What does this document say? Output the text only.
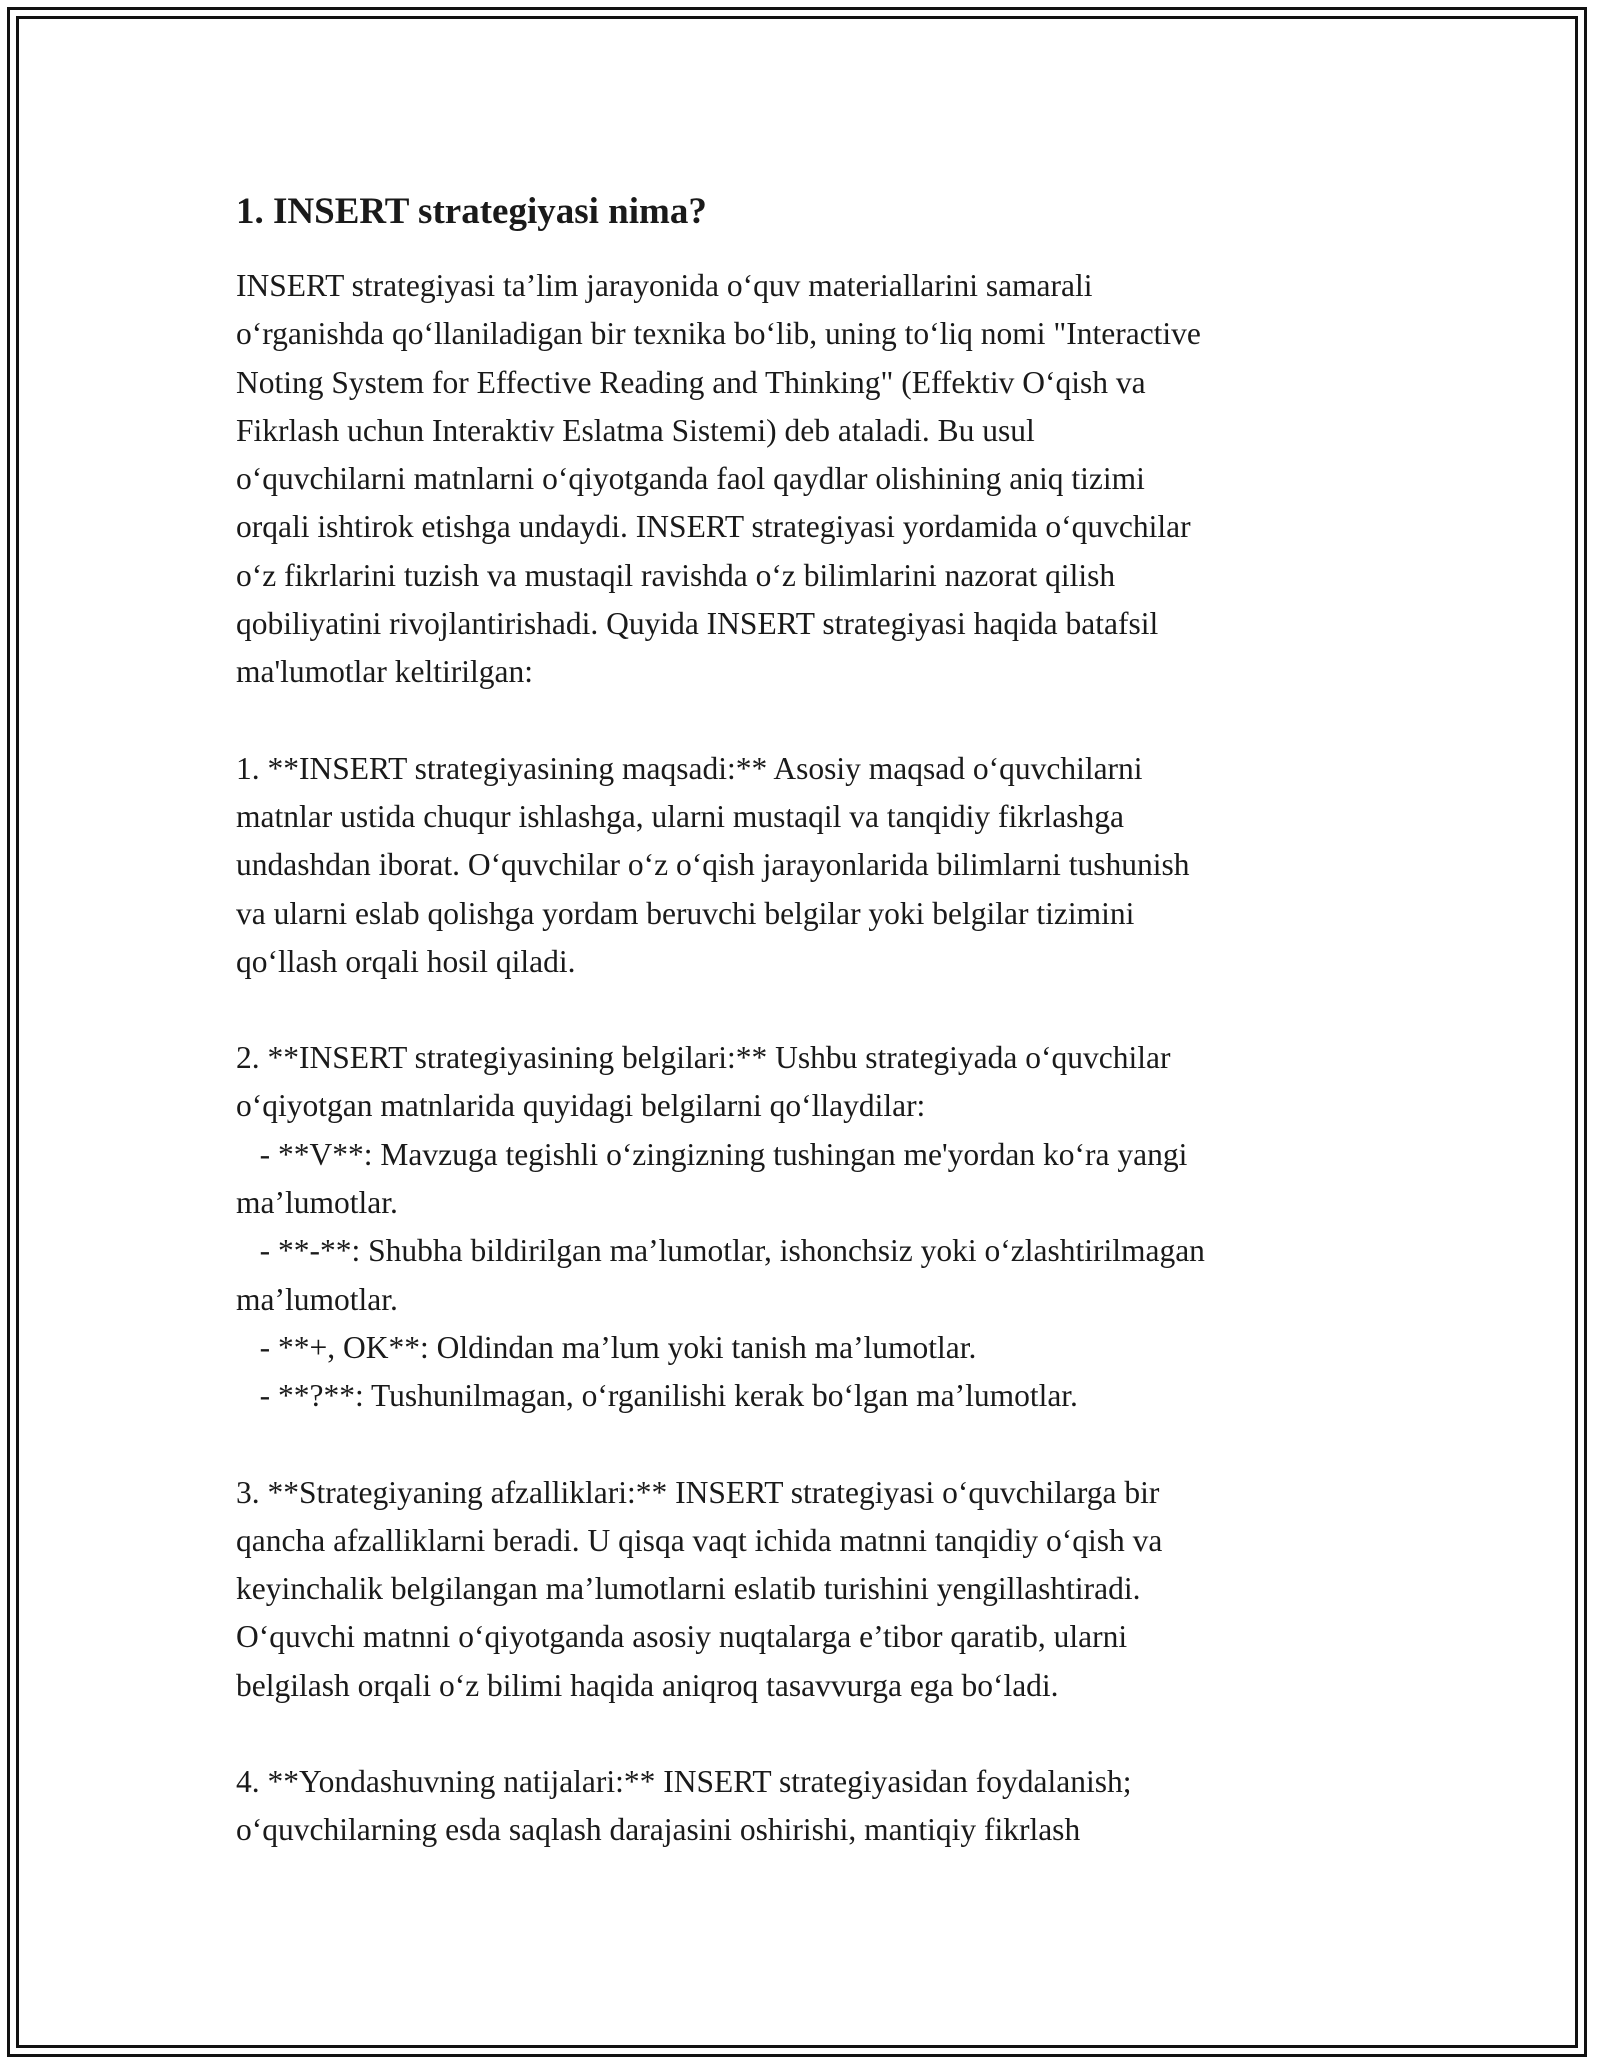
1. INSERT strategiyasi nima?
INSERT strategiyasi ta’lim jarayonida o‘quv materiallarini samarali
o‘rganishda qo‘llaniladigan bir texnika bo‘lib, uning to‘liq nomi "Interactive
Noting System for Effective Reading and Thinking" (Effektiv O‘qish va
Fikrlash uchun Interaktiv Eslatma Sistemi) deb ataladi. Bu usul
o‘quvchilarni matnlarni o‘qiyotganda faol qaydlar olishining aniq tizimi
orqali ishtirok etishga undaydi. INSERT strategiyasi yordamida o‘quvchilar
o‘z fikrlarini tuzish va mustaqil ravishda o‘z bilimlarini nazorat qilish
qobiliyatini rivojlantirishadi. Quyida INSERT strategiyasi haqida batafsil
ma'lumotlar keltirilgan:
1. **INSERT strategiyasining maqsadi:** Asosiy maqsad o‘quvchilarni
matnlar ustida chuqur ishlashga, ularni mustaqil va tanqidiy fikrlashga
undashdan iborat. O‘quvchilar o‘z o‘qish jarayonlarida bilimlarni tushunish
va ularni eslab qolishga yordam beruvchi belgilar yoki belgilar tizimini
qo‘llash orqali hosil qiladi.
2. **INSERT strategiyasining belgilari:** Ushbu strategiyada o‘quvchilar
o‘qiyotgan matnlarida quyidagi belgilarni qo‘llaydilar:
- **V**: Mavzuga tegishli o‘zingizning tushingan me'yordan ko‘ra yangi
ma’lumotlar.
- **-**: Shubha bildirilgan ma’lumotlar, ishonchsiz yoki o‘zlashtirilmagan
ma’lumotlar.
- **+, OK**: Oldindan ma’lum yoki tanish ma’lumotlar.
- **?**: Tushunilmagan, o‘rganilishi kerak bo‘lgan ma’lumotlar.
3. **Strategiyaning afzalliklari:** INSERT strategiyasi o‘quvchilarga bir
qancha afzalliklarni beradi. U qisqa vaqt ichida matnni tanqidiy o‘qish va
keyinchalik belgilangan ma’lumotlarni eslatib turishini yengillashtiradi.
O‘quvchi matnni o‘qiyotganda asosiy nuqtalarga e’tibor qaratib, ularni
belgilash orqali o‘z bilimi haqida aniqroq tasavvurga ega bo‘ladi.
4. **Yondashuvning natijalari:** INSERT strategiyasidan foydalanish;
o‘quvchilarning esda saqlash darajasini oshirishi, mantiqiy fikrlash
